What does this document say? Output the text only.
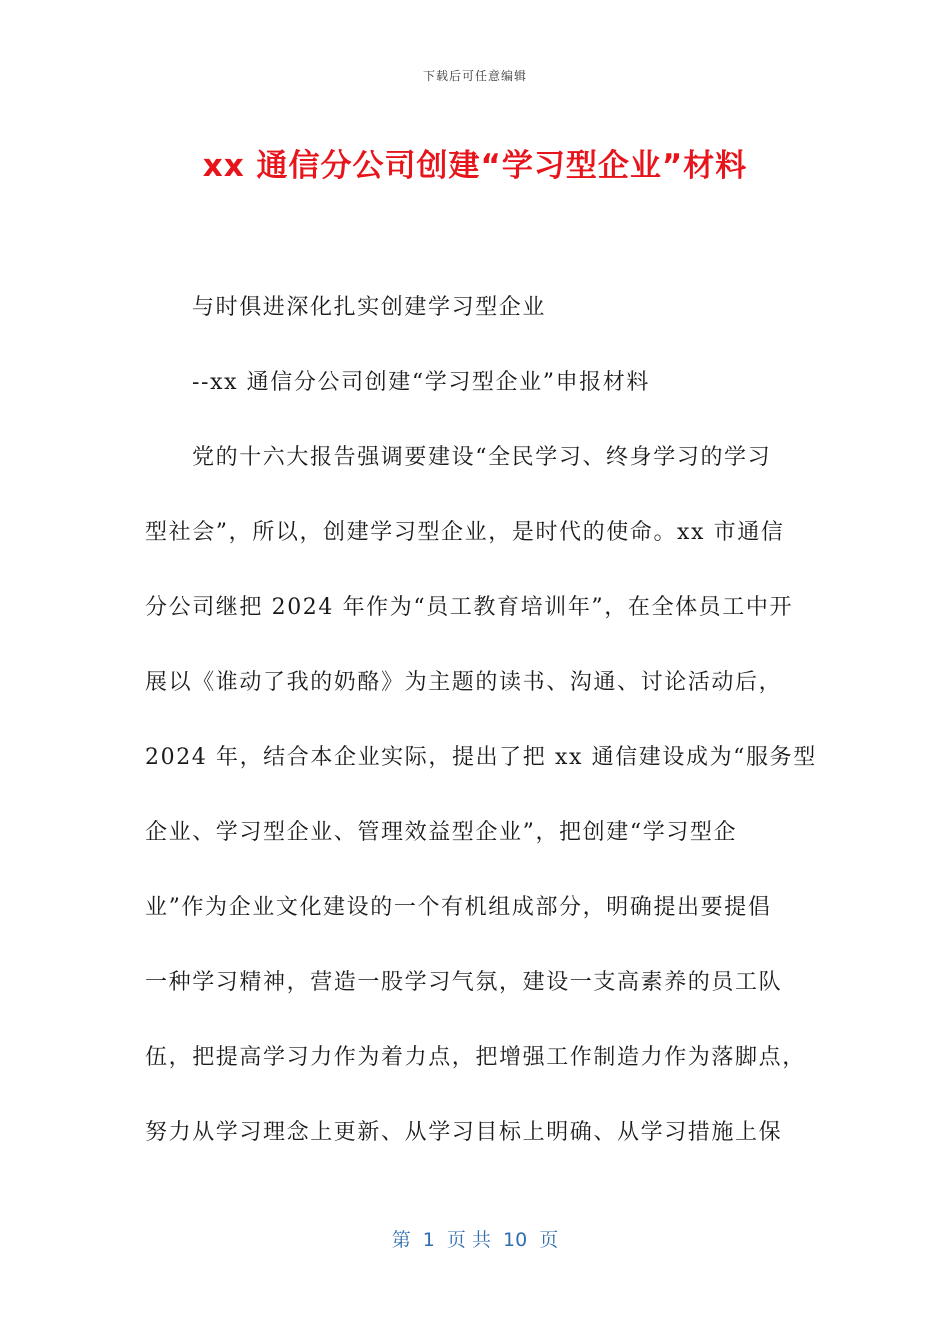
下载后可任意编辑
xx 通信分公司创建“学习型企业”材料
与时俱进深化扎实创建学习型企业
--xx 通信分公司创建“学习型企业”申报材料
党的十六大报告强调要建设“全民学习、终身学习的学习
型社会”，所以，创建学习型企业，是时代的使命。xx 市通信
分公司继把 2024 年作为“员工教育培训年”，在全体员工中开
展以《谁动了我的奶酪》为主题的读书、沟通、讨论活动后，
2024 年，结合本企业实际，提出了把 xx 通信建设成为“服务型
企业、学习型企业、管理效益型企业”，把创建“学习型企
业”作为企业文化建设的一个有机组成部分，明确提出要提倡
一种学习精神，营造一股学习气氛，建设一支高素养的员工队
伍，把提高学习力作为着力点，把增强工作制造力作为落脚点，
努力从学习理念上更新、从学习目标上明确、从学习措施上保
第  1  页 共  10  页
